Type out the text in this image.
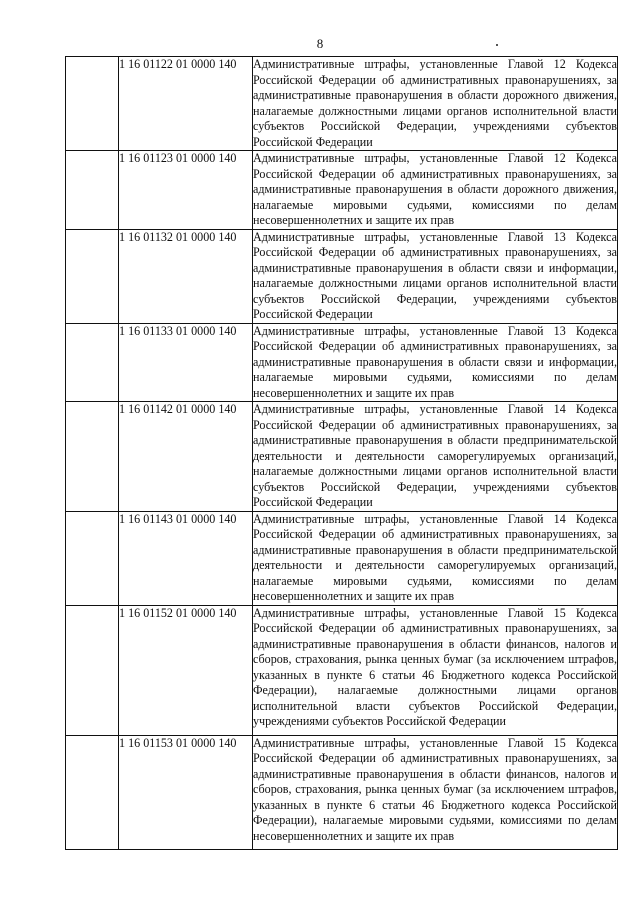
8
	1 16 01122 01 0000 140	Административные штрафы, установленные Главой 12 Кодекса Российской Федерации об административных правонарушениях, за административные правонарушения в области дорожного движения, налагаемые должностными лицами органов исполнительной власти субъектов Российской Федерации, учреждениями субъектов Российской Федерации
	1 16 01123 01 0000 140	Административные штрафы, установленные Главой 12 Кодекса Российской Федерации об административных правонарушениях, за административные правонарушения в области дорожного движения, налагаемые мировыми судьями, комиссиями по делам несовершеннолетних и защите их прав
	1 16 01132 01 0000 140	Административные штрафы, установленные Главой 13 Кодекса Российской Федерации об административных правонарушениях, за административные правонарушения в области связи и информации, налагаемые должностными лицами органов исполнительной власти субъектов Российской Федерации, учреждениями субъектов Российской Федерации
	1 16 01133 01 0000 140	Административные штрафы, установленные Главой 13 Кодекса Российской Федерации об административных правонарушениях, за административные правонарушения в области связи и информации, налагаемые мировыми судьями, комиссиями по делам несовершеннолетних и защите их прав
	1 16 01142 01 0000 140	Административные штрафы, установленные Главой 14 Кодекса Российской Федерации об административных правонарушениях, за административные правонарушения в области предпринимательской деятельности и деятельности саморегулируемых организаций, налагаемые должностными лицами органов исполнительной власти субъектов Российской Федерации, учреждениями субъектов Российской Федерации
	1 16 01143 01 0000 140	Административные штрафы, установленные Главой 14 Кодекса Российской Федерации об административных правонарушениях, за административные правонарушения в области предпринимательской деятельности и деятельности саморегулируемых организаций, налагаемые мировыми судьями, комиссиями по делам несовершеннолетних и защите их прав
	1 16 01152 01 0000 140	Административные штрафы, установленные Главой 15 Кодекса Российской Федерации об административных правонарушениях, за административные правонарушения в области финансов, налогов и сборов, страхования, рынка ценных бумаг (за исключением штрафов, указанных в пункте 6 статьи 46 Бюджетного кодекса Российской Федерации), налагаемые должностными лицами органов исполнительной власти субъектов Российской Федерации, учреждениями субъектов Российской Федерации
	1 16 01153 01 0000 140	Административные штрафы, установленные Главой 15 Кодекса Российской Федерации об административных правонарушениях, за административные правонарушения в области финансов, налогов и сборов, страхования, рынка ценных бумаг (за исключением штрафов, указанных в пункте 6 статьи 46 Бюджетного кодекса Российской Федерации), налагаемые мировыми судьями, комиссиями по делам несовершеннолетних и защите их прав
